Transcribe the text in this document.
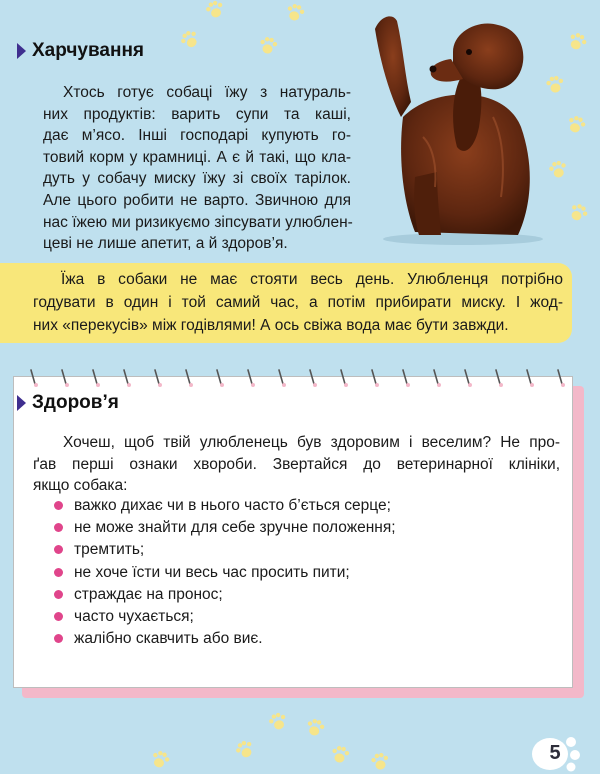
Харчування

Хтось готує собаці їжу з натураль-
них продуктів: варить супи та каші,
дає м’ясо. Інші господарі купують го-
товий корм у крамниці. А є й такі, що кла-
дуть у собачу миску їжу зі своїх тарілок.
Але цього робити не варто. Звичною для
нас їжею ми ризикуємо зіпсувати улюблен-
цеві не лише апетит, а й здоров’я.

Їжа в собаки не має стояти весь день. Улюбленця потрібно
годувати в один і той самий час, а потім прибирати миску. І жод-
них «перекусів» між годівлями! А ось свіжа вода має бути завжди.

Здоров’я

Хочеш, щоб твій улюбленець був здоровим і веселим? Не про-
ґав перші ознаки хвороби. Звертайся до ветеринарної клініки,
якщо собака:

важко дихає чи в нього часто б’ється серце;
не може знайти для себе зручне положення;
тремтить;
не хоче їсти чи весь час просить пити;
страждає на пронос;
часто чухається;
жалібно скавчить або виє.
5
